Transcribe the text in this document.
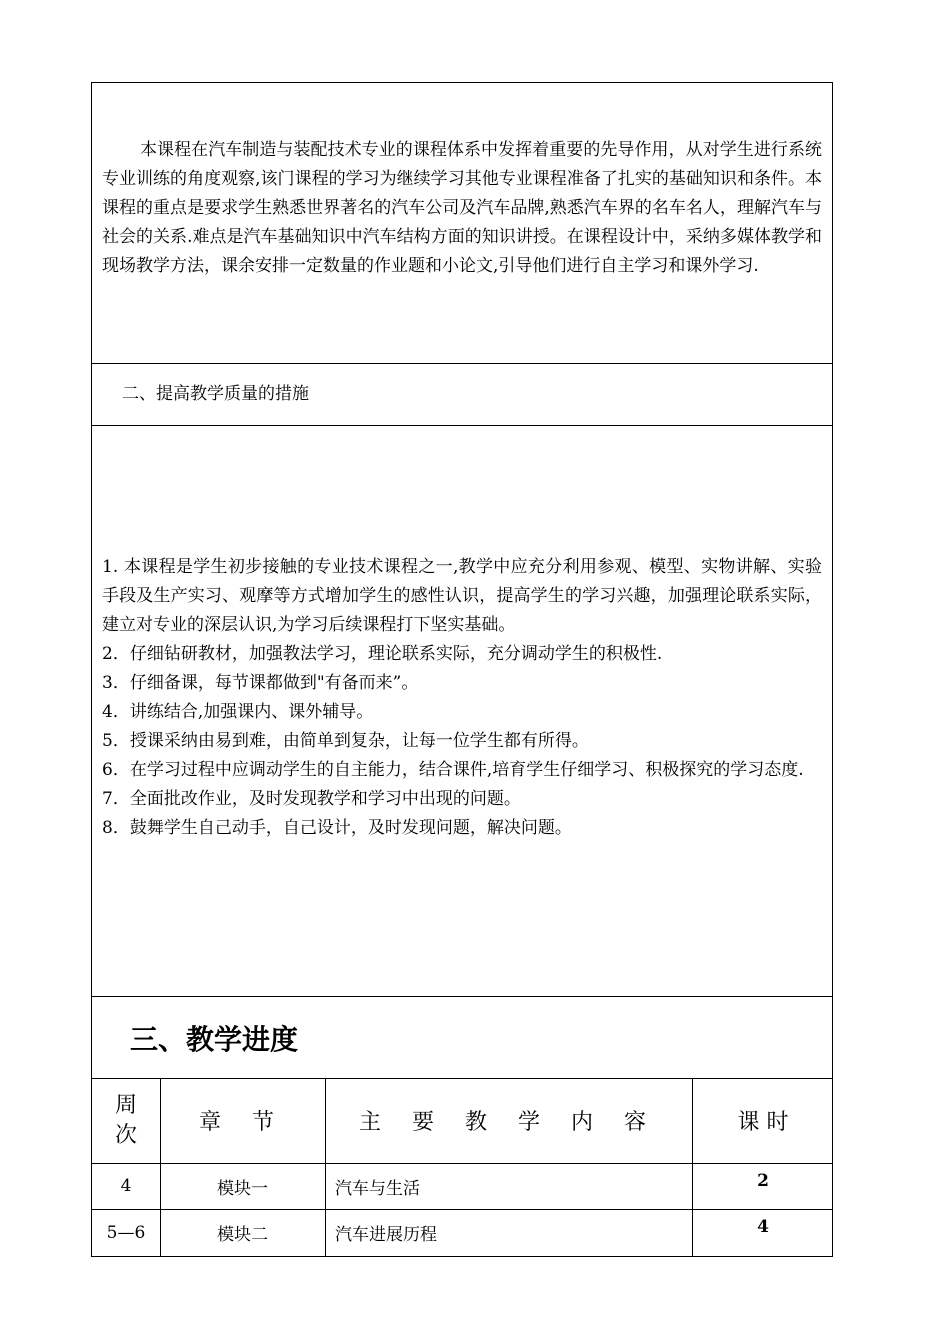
本课程在汽车制造与装配技术专业的课程体系中发挥着重要的先导作用，从对学生进行系统专业训练的角度观察,该门课程的学习为继续学习其他专业课程准备了扎实的基础知识和条件。本课程的重点是要求学生熟悉世界著名的汽车公司及汽车品牌,熟悉汽车界的名车名人，理解汽车与社会的关系.难点是汽车基础知识中汽车结构方面的知识讲授。在课程设计中，采纳多媒体教学和现场教学方法，课余安排一定数量的作业题和小论文,引导他们进行自主学习和课外学习.
二、提高教学质量的措施

1. 本课程是学生初步接触的专业技术课程之一,教学中应充分利用参观、模型、实物讲解、实验手段及生产实习、观摩等方式增加学生的感性认识，提高学生的学习兴趣，加强理论联系实际，建立对专业的深层认识,为学习后续课程打下坚实基础。

2．仔细钻研教材，加强教法学习，理论联系实际，充分调动学生的积极性.

3．仔细备课，每节课都做到"有备而来”。

4．讲练结合,加强课内、课外辅导。

5．授课采纳由易到难，由简单到复杂，让每一位学生都有所得。

6．在学习过程中应调动学生的自主能力，结合课件,培育学生仔细学习、积极探究的学习态度.

7．全面批改作业，及时发现教学和学习中出现的问题。

8．鼓舞学生自己动手，自己设计，及时发现问题，解决问题。

三、教学进度
周
次	章 节	主 要 教 学 内 容	课 时
4	模块一	汽车与生活	2
5—6	模块二	汽车进展历程	4
